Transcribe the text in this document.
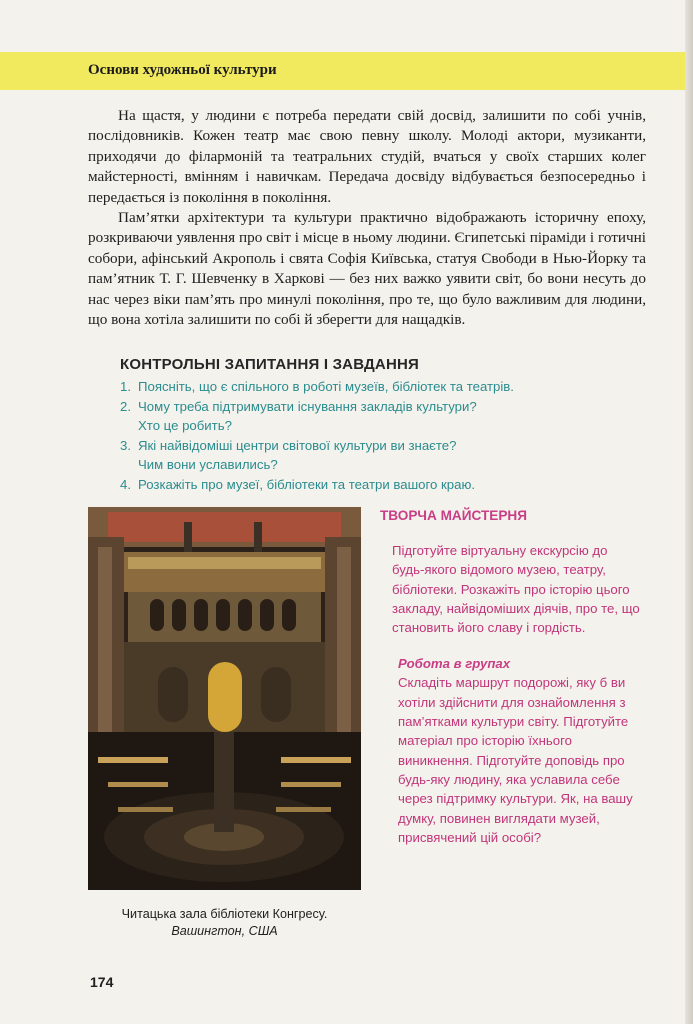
Основи художньої культури

На щастя, у людини є потреба передати свій досвід, залишити по собі учнів, послідовників. Кожен театр має свою певну школу. Молоді актори, музиканти, приходячи до філармоній та театральних студій, вчаться у своїх старших колег майстерності, вмінням і навичкам. Передача досвіду відбувається безпосередньо і передається із покоління в покоління.

Пам’ятки архітектури та культури практично відображають історичну епоху, розкриваючи уявлення про світ і місце в ньому людини. Єгипетські піраміди і готичні собори, афінський Акрополь і свята Софія Київська, статуя Свободи в Нью-Йорку та пам’ятник Т. Г. Шевченку в Харкові — без них важко уявити світ, бо вони несуть до нас через віки пам’ять про минулі покоління, про те, що було важливим для людини, що вона хотіла залишити по собі й зберегти для нащадків.

КОНТРОЛЬНІ ЗАПИТАННЯ І ЗАВДАННЯ
1. Поясніть, що є спільного в роботі музеїв, бібліотек та театрів.
2. Чому треба підтримувати існування закладів культури?
Хто це робить?
3. Які найвідоміші центри світової культури ви знаєте?
Чим вони уславились?
4. Розкажіть про музеї, бібліотеки та театри вашого краю.
Читацька зала бібліотеки Конгресу.
Вашингтон, США
ТВОРЧА МАЙСТЕРНЯ
Підготуйте віртуальну екскурсію до будь-якого відомого музею, театру, бібліотеки. Розкажіть про історію цього закладу, найвідоміших діячів, про те, що становить його славу і гордість.
Робота в групах
Складіть маршрут подорожі, яку б ви хотіли здійснити для ознайомлення з пам’ятками культури світу. Підготуйте матеріал про історію їхнього виникнення. Підготуйте доповідь про будь-яку людину, яка уславила себе через підтримку культури. Як, на вашу думку, повинен виглядати музей, присвячений цій особі?
174
